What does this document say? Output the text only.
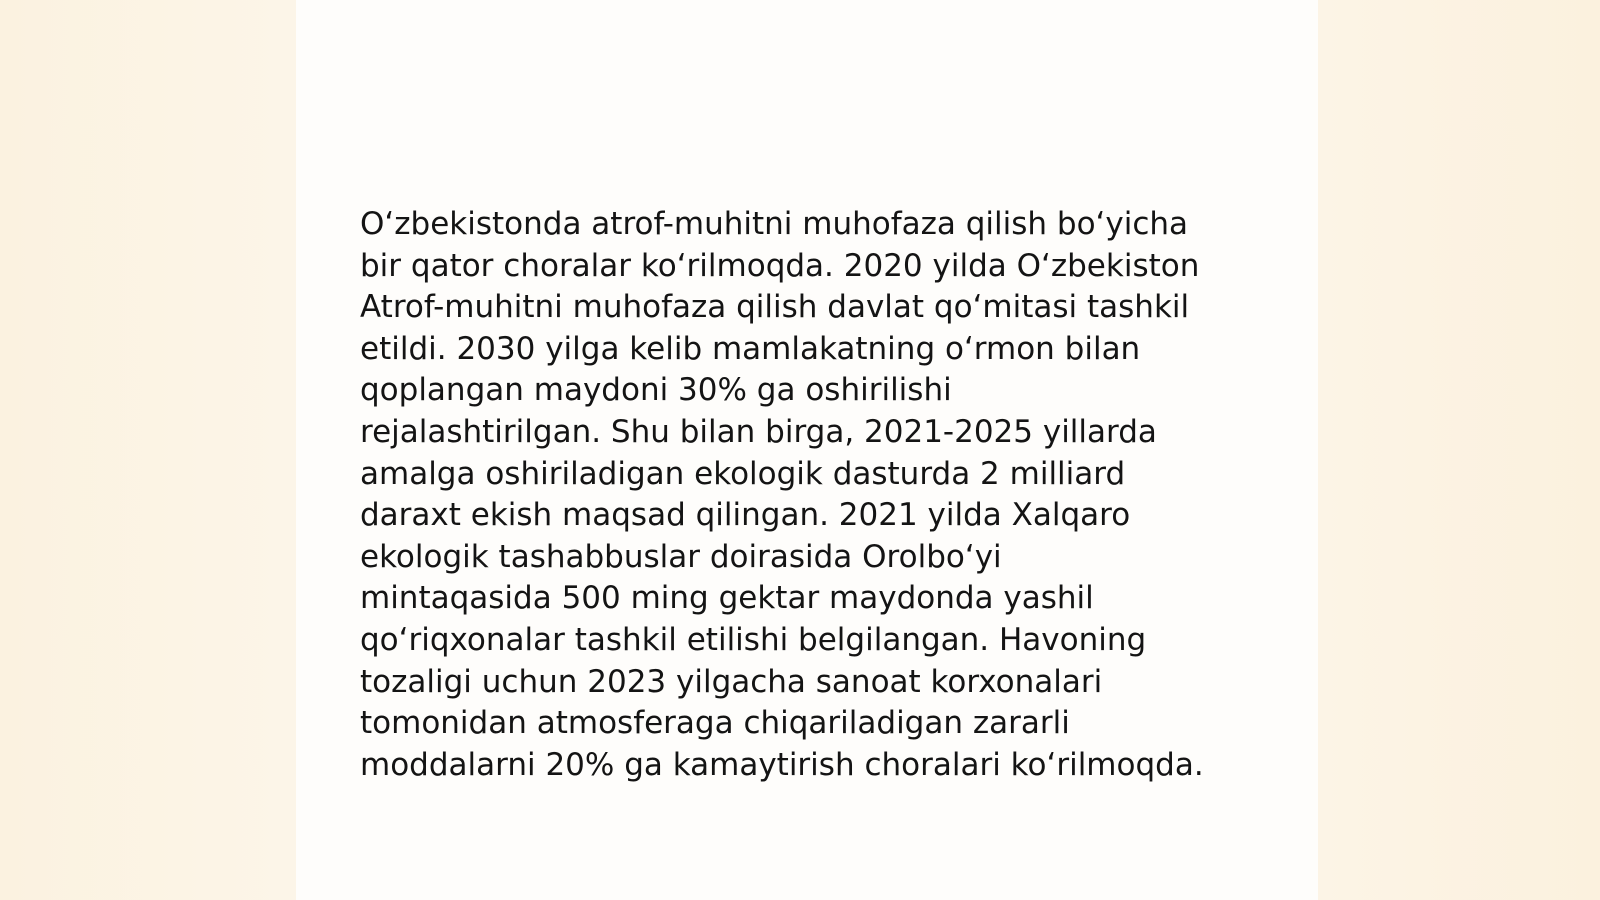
O‘zbekistonda atrof-muhitni muhofaza qilish bo‘yicha
bir qator choralar ko‘rilmoqda. 2020 yilda O‘zbekiston
Atrof-muhitni muhofaza qilish davlat qo‘mitasi tashkil
etildi. 2030 yilga kelib mamlakatning o‘rmon bilan
qoplangan maydoni 30% ga oshirilishi
rejalashtirilgan. Shu bilan birga, 2021-2025 yillarda
amalga oshiriladigan ekologik dasturda 2 milliard
daraxt ekish maqsad qilingan. 2021 yilda Xalqaro
ekologik tashabbuslar doirasida Orolbo‘yi
mintaqasida 500 ming gektar maydonda yashil
qo‘riqxonalar tashkil etilishi belgilangan. Havoning
tozaligi uchun 2023 yilgacha sanoat korxonalari
tomonidan atmosferaga chiqariladigan zararli
moddalarni 20% ga kamaytirish choralari ko‘rilmoqda.
